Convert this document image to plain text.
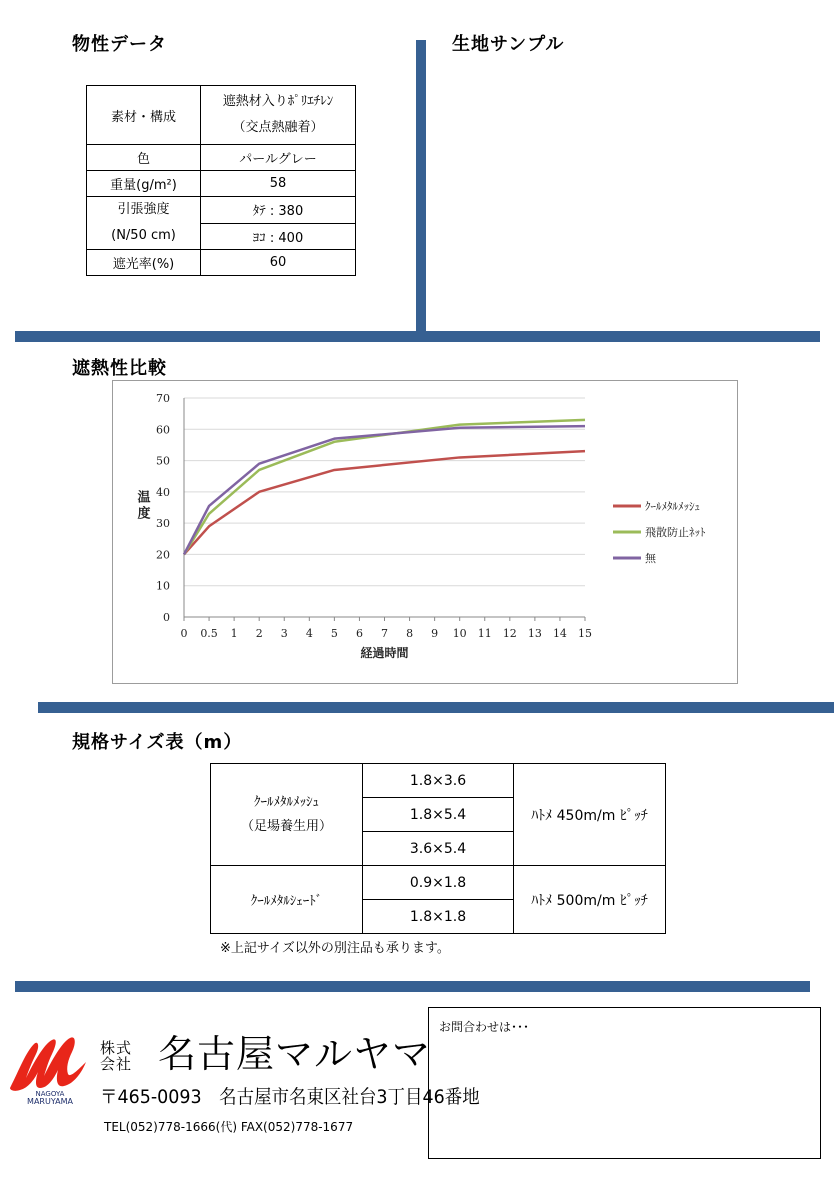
物性データ	生地サンプル
素材・構成	遮熱材入りﾎﾟﾘｴﾁﾚﾝ
（交点熱融着）

色	パールグレー
重量(g/m²)	58

引張強度
(N/50 cm)	ﾀﾃ : 380
	ﾖｺ : 400
遮光率(%)	60
遮熱性比較
0
10
20
30
40
50
60
70
0 0.5 1 2 3 4 5 6 7 8 9 10 11 12 13 14 15
経過時間
温度	ｸｰﾙﾒﾀﾙﾒｯｼｭ
飛散防止ﾈｯﾄ
無
規格サイズ表（m）
ｸｰﾙﾒﾀﾙﾒｯｼｭ
（足場養生用）	1.8×3.6	ﾊﾄﾒ 450m/m ﾋﾟｯﾁ
	1.8×5.4	
	3.6×5.4	
ｸｰﾙﾒﾀﾙｼｪｰﾄﾞ	0.9×1.8	ﾊﾄﾒ 500m/m ﾋﾟｯﾁ
	1.8×1.8	
※上記サイズ以外の別注品も承ります。
NAGOYA
MARUYAMA
株式
会社 名古屋マルヤマ
〒465-0093　名古屋市名東区社台3丁目46番地
TEL(052)778-1666(代) FAX(052)778-1677
お問合わせは･･･
